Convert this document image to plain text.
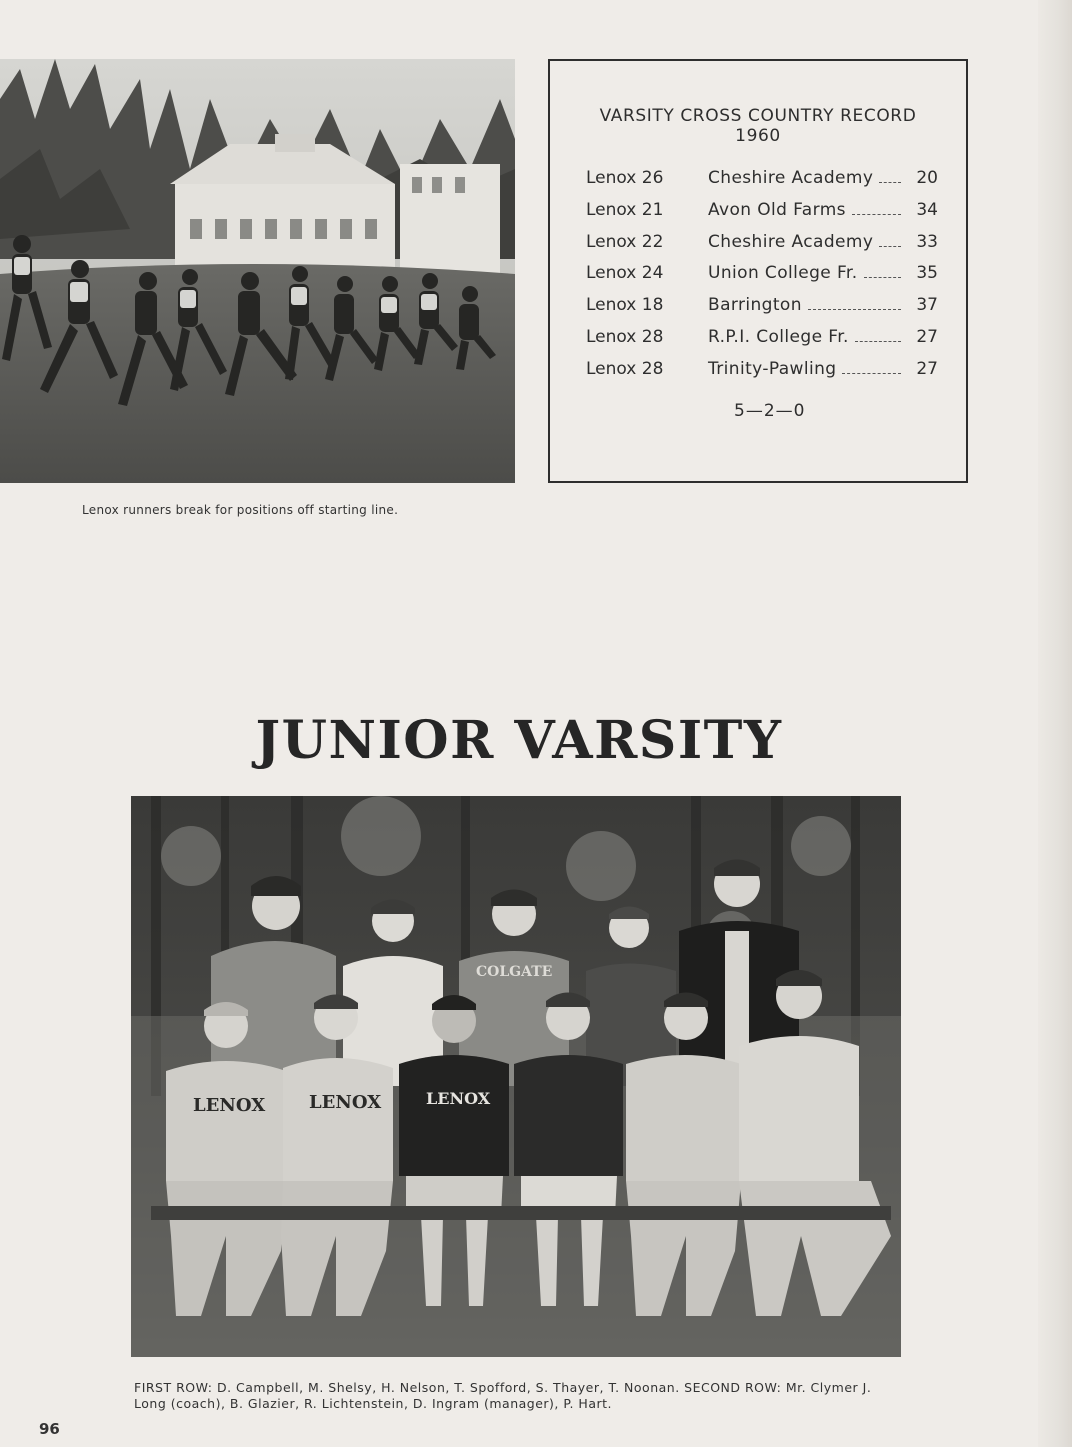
Lenox runners break for positions off starting line.
VARSITY CROSS COUNTRY RECORD
1960
Lenox 26	Cheshire Academy	20
Lenox 21	Avon Old Farms	34
Lenox 22	Cheshire Academy	33
Lenox 24	Union College Fr.	35
Lenox 18	Barrington	37
Lenox 28	R.P.I. College Fr.	27
Lenox 28	Trinity-Pawling	27
5—2—0
JUNIOR VARSITY
LENOX LENOX	LENOX
COLGATE
FIRST ROW: D. Campbell, M. Shelsy, H. Nelson, T. Spofford, S. Thayer, T. Noonan. SECOND ROW: Mr. Clymer J. Long (coach), B. Glazier, R. Lichtenstein, D. Ingram (manager), P. Hart.
96
